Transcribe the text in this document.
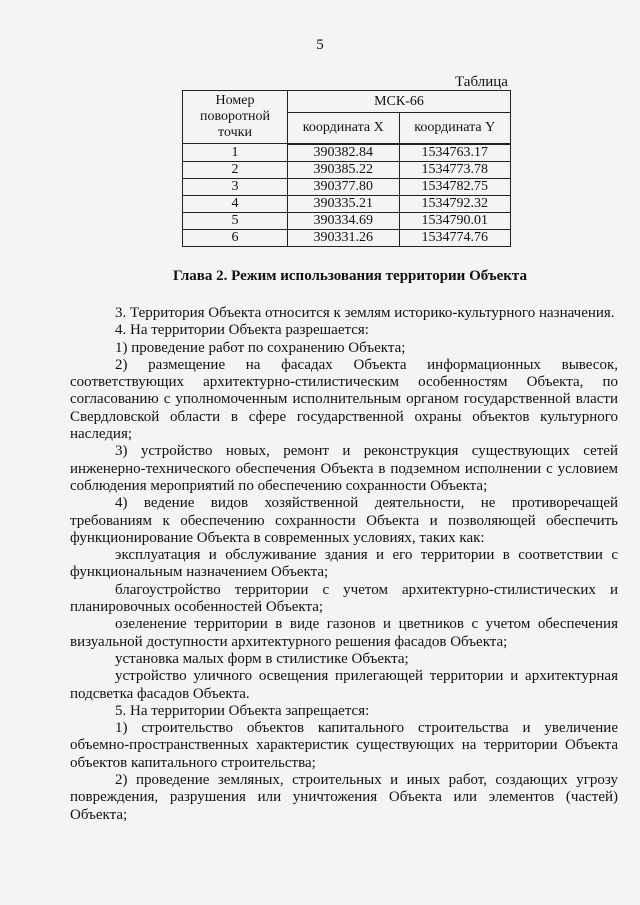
5
Таблица
Номер поворотной точки	МСК-66	
	координата X	координата Y
1	390382.84	1534763.17
2	390385.22	1534773.78
3	390377.80	1534782.75
4	390335.21	1534792.32
5	390334.69	1534790.01
6	390331.26	1534774.76
Глава 2. Режим использования территории Объекта

3. Территория Объекта относится к землям историко-культурного назначения.

4. На территории Объекта разрешается:

1) проведение работ по сохранению Объекта;

2) размещение на фасадах Объекта информационных вывесок, соответствующих архитектурно-стилистическим особенностям Объекта, по согласованию с уполномоченным исполнительным органом государственной власти Свердловской области в сфере государственной охраны объектов культурного наследия;

3) устройство новых, ремонт и реконструкция существующих сетей инженерно-технического обеспечения Объекта в подземном исполнении с условием соблюдения мероприятий по обеспечению сохранности Объекта;

4) ведение видов хозяйственной деятельности, не противоречащей требованиям к обеспечению сохранности Объекта и позволяющей обеспечить функционирование Объекта в современных условиях, таких как:

эксплуатация и обслуживание здания и его территории в соответствии с функциональным назначением Объекта;

благоустройство территории с учетом архитектурно-стилистических и планировочных особенностей Объекта;

озеленение территории в виде газонов и цветников с учетом обеспечения визуальной доступности архитектурного решения фасадов Объекта;

установка малых форм в стилистике Объекта;

устройство уличного освещения прилегающей территории и архитектурная подсветка фасадов Объекта.

5. На территории Объекта запрещается:

1) строительство объектов капитального строительства и увеличение объемно-пространственных характеристик существующих на территории Объекта объектов капитального строительства;

2) проведение земляных, строительных и иных работ, создающих угрозу повреждения, разрушения или уничтожения Объекта или элементов (частей) Объекта;
